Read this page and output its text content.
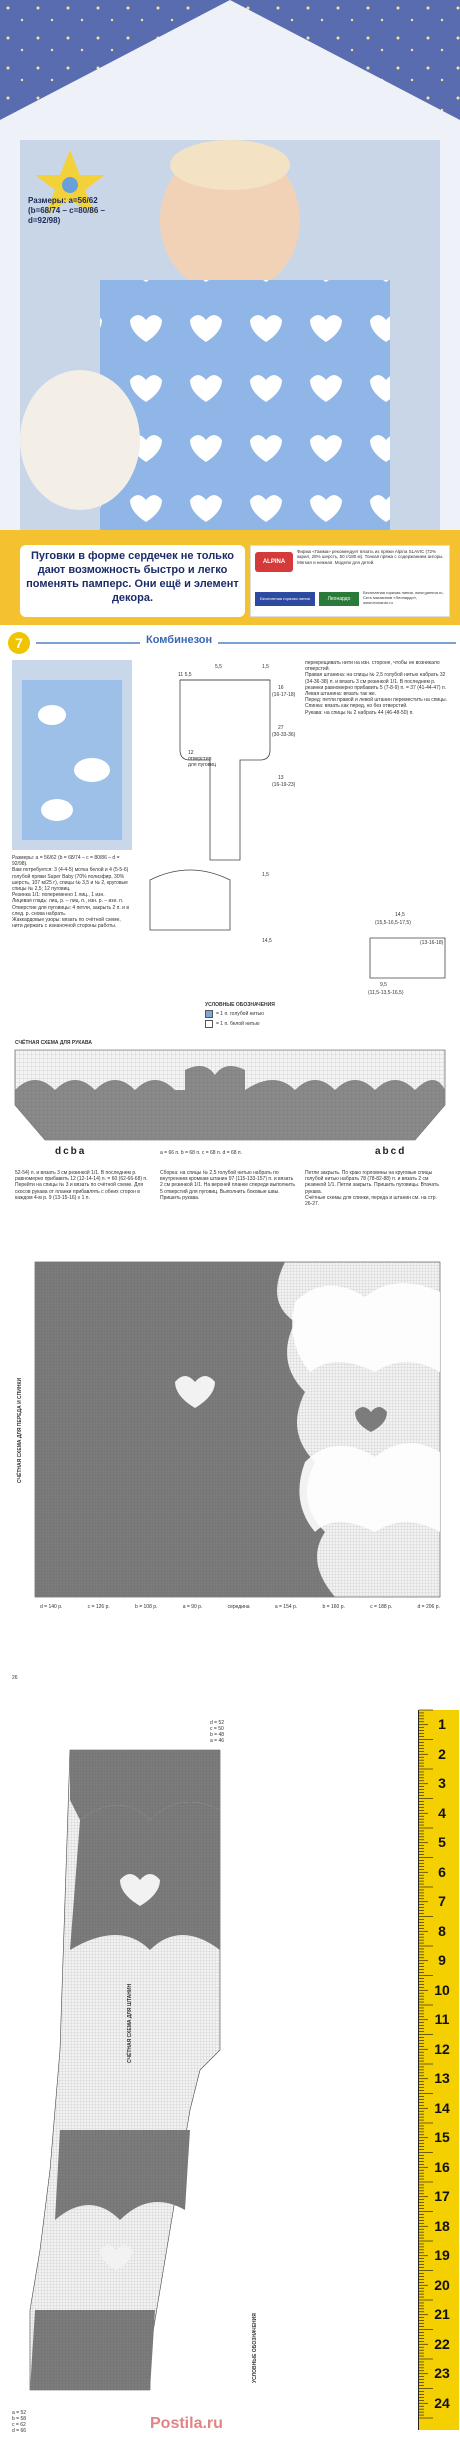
Размеры: a=56/62 (b=68/74 – c=80/86 – d=92/98)
Пуговки в форме сердечек не только дают возможность быстро и легко поменять памперс. Они ещё и элемент декора.
ALPINA
Фирма «Гамма» рекомендует вязать из пряжи Alpina SLAVIC (72% акрил, 28% шерсть, 50 г/180 м). Тонкая пряжа с содержанием ангоры. Мягкая и нежная. Модели для детей.
Бесплатная горячая линия	Леонардо
Бесплатная горячая линия, www.gamma.ru, Сеть магазинов «Леонардо», www.leonardo.ru
7	Комбинезон
Размеры: a = 56/62 (b = 68/74 – c = 80/86 – d = 92/98).
Вам потребуется: 3 (4-4-5) мотка белой и 4 (5-5-6) голубой пряжи Super Baby (70% полиэфир, 30% шерсть, 107 м/25 г), спицы № 3,5 и № 2, круговые спицы № 2,5; 12 пуговиц.
Резинка 1/1: попеременно 1 лиц., 1 изн.
Лицевая гладь: лиц. р. – лиц. п., изн. р. – изн. п.
Отверстие для пуговицы: 4 петли, закрыть 2 п. и в след. р. снова набрать.
Жаккардовые узоры: вязать по счётной схеме, нити держать с изнаночной стороны работы.
5,5
11 5,5
1,5
16
(16-17-18)
27
(30-33-36)
13
(16-19-23)
12 отверстия для пуговиц
1,5
(13-16-18)
9,5
(11,5-13,5-16,5)
14,5
перекрещивать нити на изн. стороне, чтобы не возникало отверстий.
Правая штанина: на спицы № 2,5 голубой нитью набрать 32 (34-36-38) п. и вязать 3 см резинкой 1/1. В последнем р. резинки равномерно прибавить 5 (7-8-9) п. = 37 (41-44-47) п.
Левая штанина: вязать так же.
Перед: петли правой и левой штанин переместить на спицы.
Спинка: вязать как перед, но без отверстий.
Рукава: на спицы № 2 набрать 44 (46-48-50) п.
14,5
(15,5-16,5-17,5)
УСЛОВНЫЕ ОБОЗНАЧЕНИЯ
= 1 п. голубой нитью
= 1 п. белой нитью
СЧЁТНАЯ СХЕМА ДЛЯ РУКАВА
dcba	abcd
a = 66 п. b = 68 п. c = 68 п. d = 68 п.
52-54) п. и вязать 3 см резинкой 1/1. В последнем р. равномерно прибавить 12 (12-14-14) п. = 60 (62-66-68) п. Перейти на спицы № 3 и вязать по счётной схеме. Для скосов рукава от планки прибавлять с обеих сторон в каждом 4-м р. 9 (13-15-16) х 1 п.
Сборка: на спицы № 2,5 голубой нитью набрать по внутренним кромкам штанин 97 (115-133-157) п. и вязать 2 см резинкой 1/1. На верхней планке спереди выполнить 5 отверстий для пуговиц. Выполнить боковые швы. Пришить рукава.
Петли закрыть. По краю горловины на круговые спицы голубой нитью набрать 78 (78-82-88) п. и вязать 2 см резинкой 1/1. Петли закрыть. Пришить пуговицы. Втачать рукава.
Счётные схемы для спинки, переда и штанин см. на стр. 26-27.
СЧЁТНАЯ СХЕМА ДЛЯ ПЕРЕДА И СПИНКИ
d = 140 р.	c = 126 р.	b = 108 р.	a = 90 р.	середина	a = 154 р.	b = 160 р.	c = 188 р.	d = 206 р.
26
d = 52
c = 50
b = 48
a = 46
СЧЁТНАЯ СХЕМА ДЛЯ ШТАНИН
УСЛОВНЫЕ ОБОЗНАЧЕНИЯ
a = 52
b = 58
c = 62
d = 66
1
2
3
4
5
6
7
8
9
10
11
12
13
14
15
16
17
18
19
20
21
22
23
24
Postila.ru
